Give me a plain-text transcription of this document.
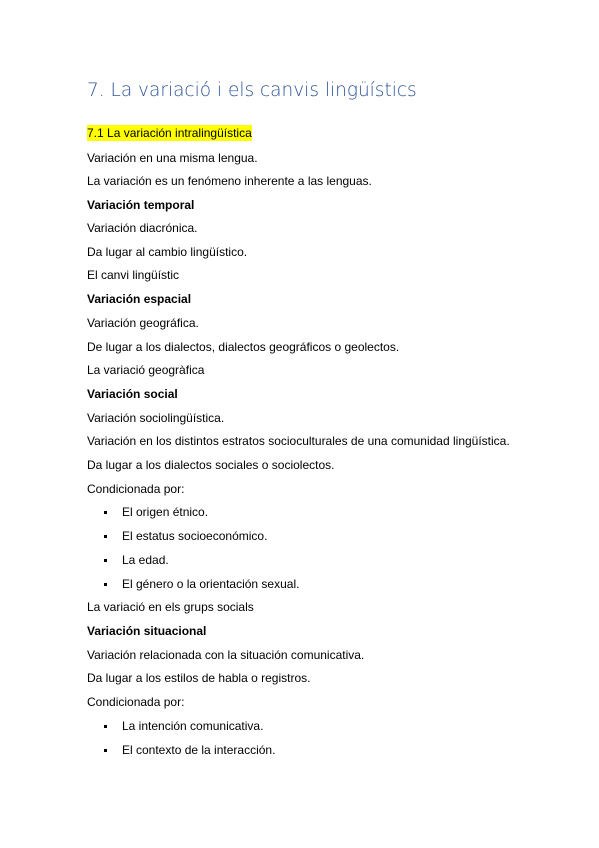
7. La variació i els canvis lingüístics
7.1 La variación intralingüística
Variación en una misma lengua.
La variación es un fenómeno inherente a las lenguas.
Variación temporal
Variación diacrónica.
Da lugar al cambio lingüístico.
El canvi lingüístic
Variación espacial
Variación geográfica.
De lugar a los dialectos, dialectos geográficos o geolectos.
La variació geogràfica
Variación social
Variación sociolingüística.
Variación en los distintos estratos socioculturales de una comunidad lingüística.
Da lugar a los dialectos sociales o sociolectos.
Condicionada por:
El origen étnico.
El estatus socioeconómico.
La edad.
El género o la orientación sexual.
La variació en els grups socials
Variación situacional
Variación relacionada con la situación comunicativa.
Da lugar a los estilos de habla o registros.
Condicionada por:
La intención comunicativa.
El contexto de la interacción.
